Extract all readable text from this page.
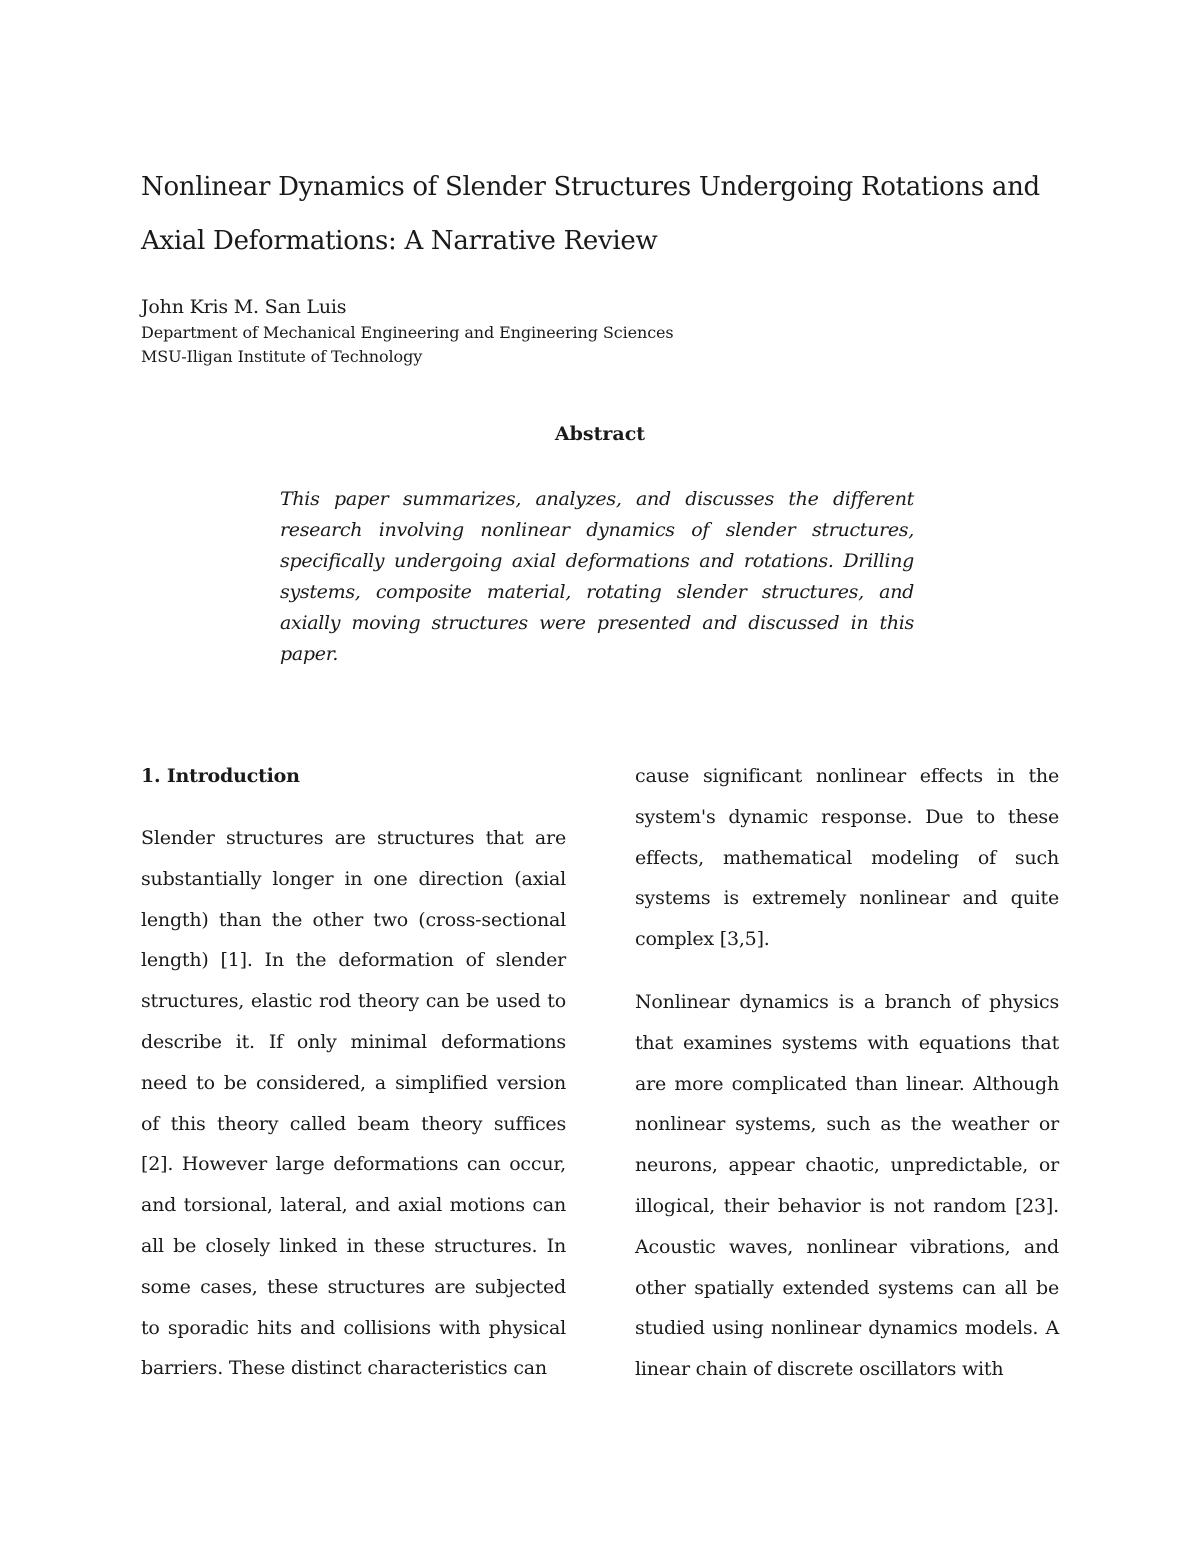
Nonlinear Dynamics of Slender Structures Undergoing Rotations and
Axial Deformations: A Narrative Review
John Kris M. San Luis
Department of Mechanical Engineering and Engineering Sciences
MSU-Iligan Institute of Technology
Abstract

This paper summarizes, analyzes, and discusses the different research involving nonlinear dynamics of slender structures, specifically undergoing axial deformations and rotations. Drilling systems, composite material, rotating slender structures, and axially moving structures were presented and discussed in this paper.

1. Introduction

Slender structures are structures that are substantially longer in one direction (axial length) than the other two (cross-sectional length) [1]. In the deformation of slender structures, elastic rod theory can be used to describe it. If only minimal deformations need to be considered, a simplified version of this theory called beam theory suffices [2]. However large deformations can occur, and torsional, lateral, and axial motions can all be closely linked in these structures. In some cases, these structures are subjected to sporadic hits and collisions with physical barriers. These distinct characteristics can

cause significant nonlinear effects in the system's dynamic response. Due to these effects, mathematical modeling of such systems is extremely nonlinear and quite complex [3,5].

Nonlinear dynamics is a branch of physics that examines systems with equations that are more complicated than linear. Although nonlinear systems, such as the weather or neurons, appear chaotic, unpredictable, or illogical, their behavior is not random [23]. Acoustic waves, nonlinear vibrations, and other spatially extended systems can all be studied using nonlinear dynamics models. A linear chain of discrete oscillators with
